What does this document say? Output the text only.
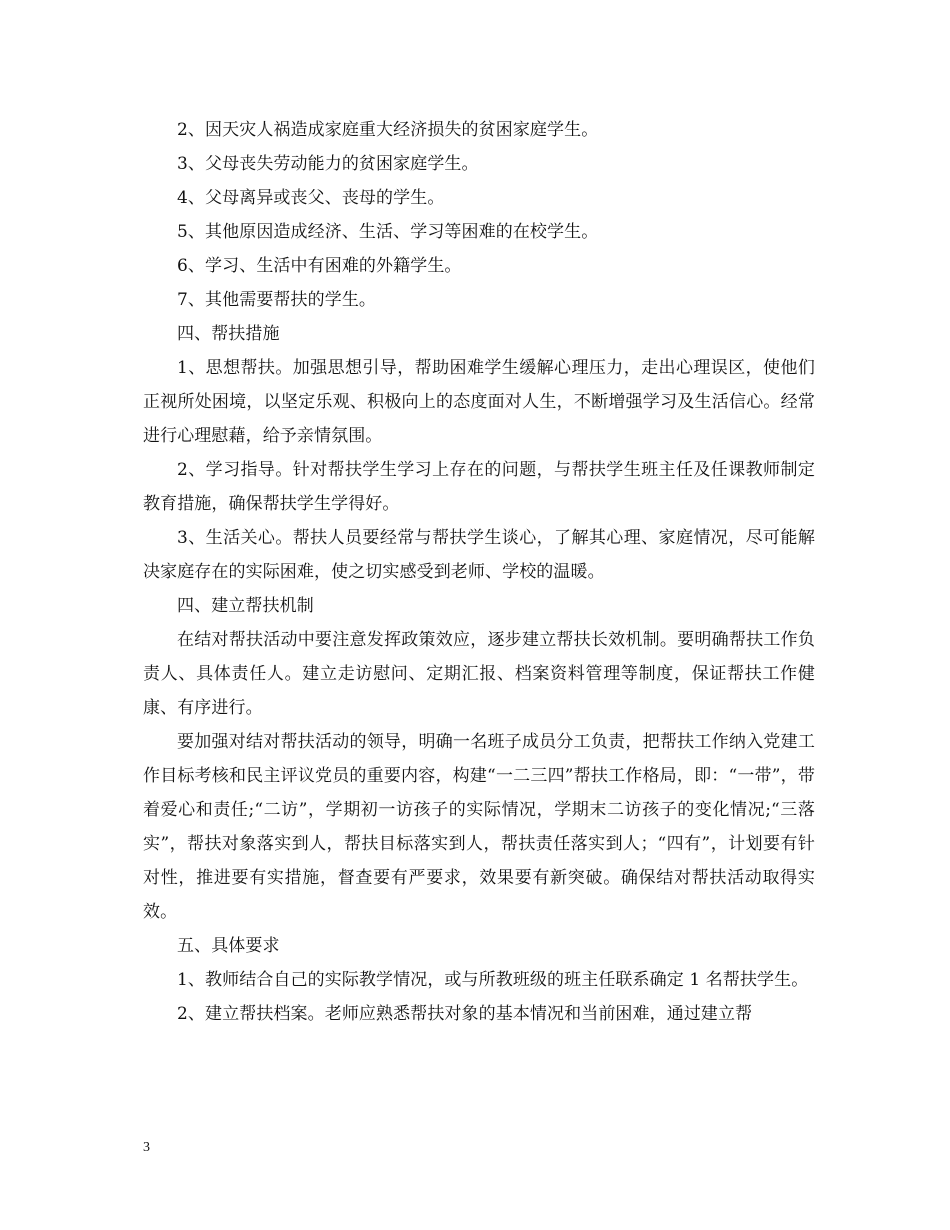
2、因天灾人祸造成家庭重大经济损失的贫困家庭学生。

3、父母丧失劳动能力的贫困家庭学生。

4、父母离异或丧父、丧母的学生。

5、其他原因造成经济、生活、学习等困难的在校学生。

6、学习、生活中有困难的外籍学生。

7、其他需要帮扶的学生。

四、帮扶措施

1、思想帮扶。加强思想引导，帮助困难学生缓解心理压力，走出心理误区，使他们正视所处困境，以坚定乐观、积极向上的态度面对人生，不断增强学习及生活信心。经常进行心理慰藉，给予亲情氛围。

2、学习指导。针对帮扶学生学习上存在的问题，与帮扶学生班主任及任课教师制定教育措施，确保帮扶学生学得好。

3、生活关心。帮扶人员要经常与帮扶学生谈心，了解其心理、家庭情况，尽可能解决家庭存在的实际困难，使之切实感受到老师、学校的温暖。

四、建立帮扶机制

在结对帮扶活动中要注意发挥政策效应，逐步建立帮扶长效机制。要明确帮扶工作负责人、具体责任人。建立走访慰问、定期汇报、档案资料管理等制度，保证帮扶工作健康、有序进行。

要加强对结对帮扶活动的领导，明确一名班子成员分工负责，把帮扶工作纳入党建工作目标考核和民主评议党员的重要内容，构建“一二三四”帮扶工作格局，即：“一带”，带着爱心和责任;“二访”，学期初一访孩子的实际情况，学期末二访孩子的变化情况;“三落实”，帮扶对象落实到人，帮扶目标落实到人，帮扶责任落实到人；“四有”，计划要有针对性，推进要有实措施，督查要有严要求，效果要有新突破。确保结对帮扶活动取得实效。

五、具体要求

1、教师结合自己的实际教学情况，或与所教班级的班主任联系确定 1 名帮扶学生。

2、建立帮扶档案。老师应熟悉帮扶对象的基本情况和当前困难，通过建立帮

3
